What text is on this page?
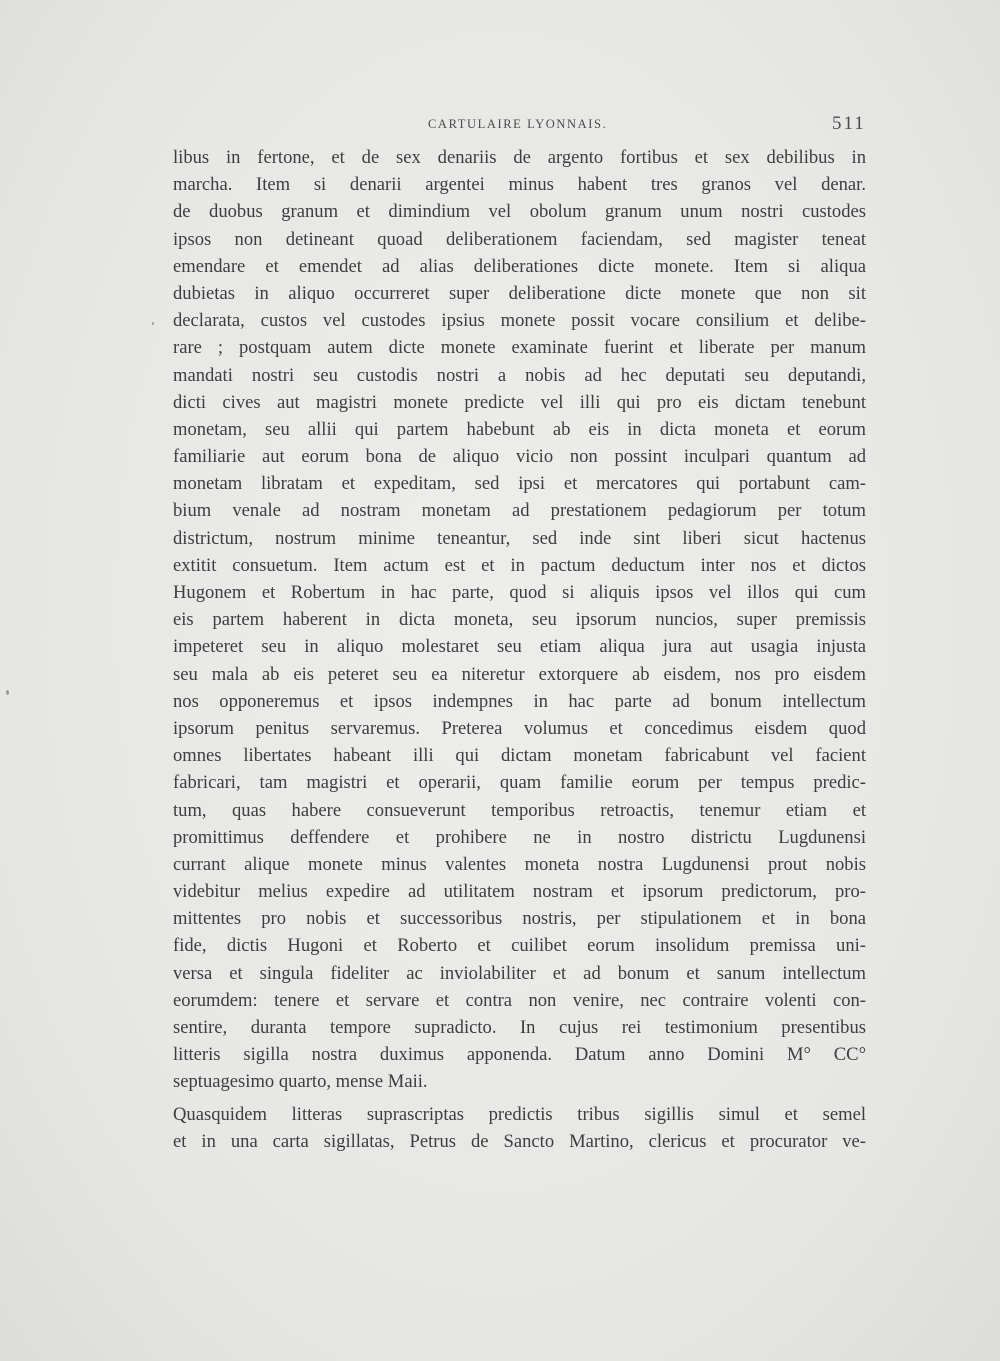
CARTULAIRE LYONNAIS.	511
libus in fertone, et de sex denariis de argento fortibus et sex debilibus in
marcha. Item si denarii argentei minus habent tres granos vel denar.
de duobus granum et dimindium vel obolum granum unum nostri custodes
ipsos non detineant quoad deliberationem faciendam, sed magister teneat
emendare et emendet ad alias deliberationes dicte monete. Item si aliqua
dubietas in aliquo occurreret super deliberatione dicte monete que non sit
declarata, custos vel custodes ipsius monete possit vocare consilium et delibe-
rare ; postquam autem dicte monete examinate fuerint et liberate per manum
mandati nostri seu custodis nostri a nobis ad hec deputati seu deputandi,
dicti cives aut magistri monete predicte vel illi qui pro eis dictam tenebunt
monetam, seu allii qui partem habebunt ab eis in dicta moneta et eorum
familiarie aut eorum bona de aliquo vicio non possint inculpari quantum ad
monetam libratam et expeditam, sed ipsi et mercatores qui portabunt cam-
bium venale ad nostram monetam ad prestationem pedagiorum per totum
districtum, nostrum minime teneantur, sed inde sint liberi sicut hactenus
extitit consuetum. Item actum est et in pactum deductum inter nos et dictos
Hugonem et Robertum in hac parte, quod si aliquis ipsos vel illos qui cum
eis partem haberent in dicta moneta, seu ipsorum nuncios, super premissis
impeteret seu in aliquo molestaret seu etiam aliqua jura aut usagia injusta
seu mala ab eis peteret seu ea niteretur extorquere ab eisdem, nos pro eisdem
nos opponeremus et ipsos indempnes in hac parte ad bonum intellectum
ipsorum penitus servaremus. Preterea volumus et concedimus eisdem quod
omnes libertates habeant illi qui dictam monetam fabricabunt vel facient
fabricari, tam magistri et operarii, quam familie eorum per tempus predic-
tum, quas habere consueverunt temporibus retroactis, tenemur etiam et
promittimus deffendere et prohibere ne in nostro districtu Lugdunensi
currant alique monete minus valentes moneta nostra Lugdunensi prout nobis
videbitur melius expedire ad utilitatem nostram et ipsorum predictorum, pro-
mittentes pro nobis et successoribus nostris, per stipulationem et in bona
fide, dictis Hugoni et Roberto et cuilibet eorum insolidum premissa uni-
versa et singula fideliter ac inviolabiliter et ad bonum et sanum intellectum
eorumdem: tenere et servare et contra non venire, nec contraire volenti con-
sentire, duranta tempore supradicto. In cujus rei testimonium presentibus
litteris sigilla nostra duximus apponenda. Datum anno Domini M° CC°
septuagesimo quarto, mense Maii.
Quasquidem litteras suprascriptas predictis tribus sigillis simul et semel
et in una carta sigillatas, Petrus de Sancto Martino, clericus et procurator ve-
